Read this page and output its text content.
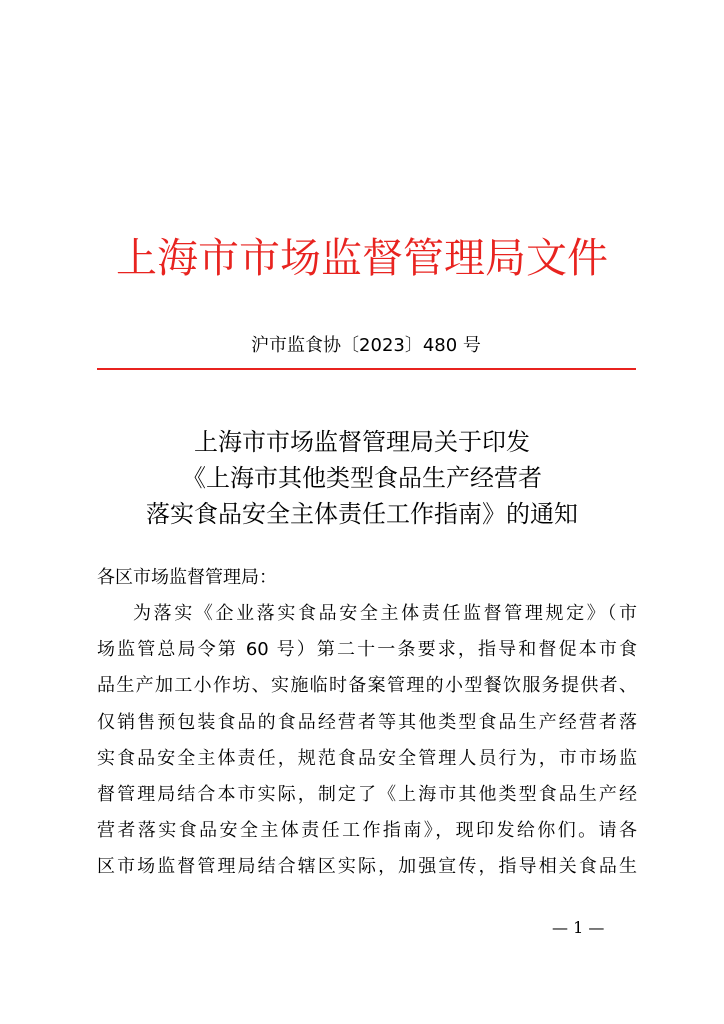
上海市市场监督管理局文件
沪市监食协〔2023〕480 号
上海市市场监督管理局关于印发
《上海市其他类型食品生产经营者
落实食品安全主体责任工作指南》的通知
各区市场监督管理局：
为落实《企业落实食品安全主体责任监督管理规定》（市
场监管总局令第 60 号）第二十一条要求，指导和督促本市食
品生产加工小作坊、实施临时备案管理的小型餐饮服务提供者、
仅销售预包装食品的食品经营者等其他类型食品生产经营者落
实食品安全主体责任，规范食品安全管理人员行为，市市场监
督管理局结合本市实际，制定了《上海市其他类型食品生产经
营者落实食品安全主体责任工作指南》，现印发给你们。请各
区市场监督管理局结合辖区实际，加强宣传，指导相关食品生
— 1 —
